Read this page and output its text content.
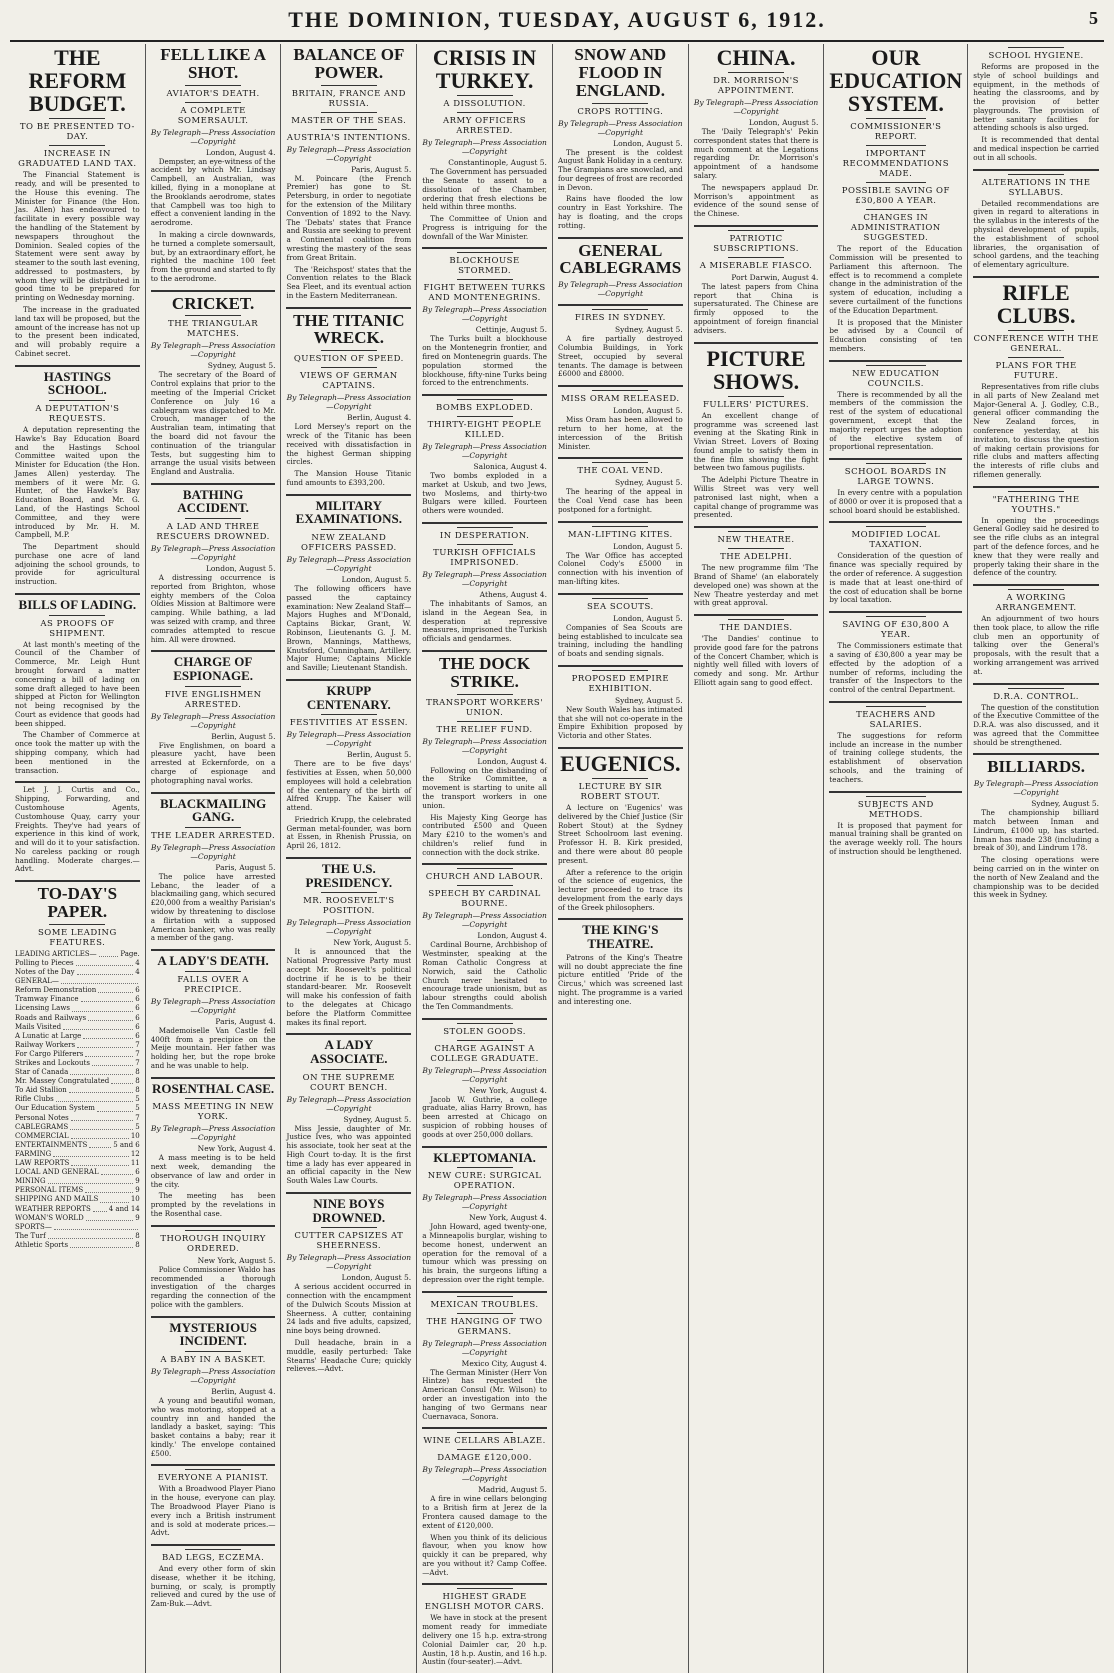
THE DOMINION, TUESDAY, AUGUST 6, 1912.	5
THE REFORM BUDGET.
TO BE PRESENTED TO-DAY.
INCREASE IN GRADUATED LAND TAX.

The Financial Statement is ready, and will be presented to the House this evening. The Minister for Finance (the Hon. Jas. Allen) has endeavoured to facilitate in every possible way the handling of the Statement by newspapers throughout the Dominion. Sealed copies of the Statement were sent away by steamer to the south last evening, addressed to postmasters, by whom they will be distributed in good time to be prepared for printing on Wednesday morning.

The increase in the graduated land tax will be proposed, but the amount of the increase has not up to the present been indicated, and will probably require a Cabinet secret.

HASTINGS SCHOOL.
A DEPUTATION'S REQUESTS.

A deputation representing the Hawke's Bay Education Board and the Hastings School Committee waited upon the Minister for Education (the Hon. James Allen) yesterday. The members of it were Mr. G. Hunter, of the Hawke's Bay Education Board, and Mr. G. Land, of the Hastings School Committee, and they were introduced by Mr. H. M. Campbell, M.P.

The Department should purchase one acre of land adjoining the school grounds, to provide for agricultural instruction.

BILLS OF LADING.
AS PROOFS OF SHIPMENT.

At last month's meeting of the Council of the Chamber of Commerce, Mr. Leigh Hunt brought forward a matter concerning a bill of lading on some draft alleged to have been shipped at Picton for Wellington not being recognised by the Court as evidence that goods had been shipped.

The Chamber of Commerce at once took the matter up with the shipping company, which had been mentioned in the transaction.

Let J. J. Curtis and Co., Shipping, Forwarding, and Customhouse Agents, Customhouse Quay, carry your Freights. They've had years of experience in this kind of work, and will do it to your satisfaction. No careless packing or rough handling. Moderate charges.—Advt.

TO-DAY'S PAPER.
SOME LEADING FEATURES.
LEADING ARTICLES—	Page.
Polling to Pieces	4
Notes of the Day	4
GENERAL—
Reform Demonstration	6
Tramway Finance	6
Licensing Laws	6
Roads and Railways	6
Mails Visited	6
A Lunatic at Large	6
Railway Workers	7
For Cargo Pilferers	7
Strikes and Lockouts	7
Star of Canada	8
Mr. Massey Congratulated	8
To Aid Stallion	8
Rifle Clubs	5
Our Education System	5
Personal Notes	7
CABLEGRAMS	5
COMMERCIAL	10
ENTERTAINMENTS	5 and 6
FARMING	12
LAW REPORTS	11
LOCAL AND GENERAL	6
MINING	9
PERSONAL ITEMS	9
SHIPPING AND MAILS	10
WEATHER REPORTS	4 and 14
WOMAN'S WORLD	9
SPORTS—
The Turf	8
Athletic Sports	8
FELL LIKE A SHOT.
AVIATOR'S DEATH.
A COMPLETE SOMERSAULT.
By Telegraph—Press Association—Copyright
London, August 4.

Dempster, an eye-witness of the accident by which Mr. Lindsay Campbell, an Australian, was killed, flying in a monoplane at the Brooklands aerodrome, states that Campbell was too high to effect a convenient landing in the aerodrome.

In making a circle downwards, he turned a complete somersault, but, by an extraordinary effort, he righted the machine 100 feet from the ground and started to fly to the aerodrome.

CRICKET.
THE TRIANGULAR MATCHES.
By Telegraph—Press Association—Copyright
Sydney, August 5.

The secretary of the Board of Control explains that prior to the meeting of the Imperial Cricket Conference on July 16 a cablegram was dispatched to Mr. Crouch, manager of the Australian team, intimating that the board did not favour the continuation of the triangular Tests, but suggesting him to arrange the usual visits between England and Australia.

BATHING ACCIDENT.
A LAD AND THREE RESCUERS DROWNED.
By Telegraph—Press Association—Copyright
London, August 5.

A distressing occurrence is reported from Brighton, whose eighty members of the Coloa Oldies Mission at Baltimore were camping. While bathing, a lad was seized with cramp, and three comrades attempted to rescue him. All were drowned.

CHARGE OF ESPIONAGE.
FIVE ENGLISHMEN ARRESTED.
By Telegraph—Press Association—Copyright
Berlin, August 5.

Five Englishmen, on board a pleasure yacht, have been arrested at Eckernforde, on a charge of espionage and photographing naval works.

BLACKMAILING GANG.
THE LEADER ARRESTED.
By Telegraph—Press Association—Copyright
Paris, August 5.

The police have arrested Lebanc, the leader of a blackmailing gang, which secured £20,000 from a wealthy Parisian's widow by threatening to disclose a flirtation with a supposed American banker, who was really a member of the gang.

A LADY'S DEATH.
FALLS OVER A PRECIPICE.
By Telegraph—Press Association—Copyright
Paris, August 4.

Mademoiselle Van Castle fell 400ft from a precipice on the Meije mountain. Her father was holding her, but the rope broke and he was unable to help.

ROSENTHAL CASE.
MASS MEETING IN NEW YORK.
By Telegraph—Press Association—Copyright
New York, August 4.

A mass meeting is to be held next week, demanding the observance of law and order in the city.

The meeting has been prompted by the revelations in the Rosenthal case.

THOROUGH INQUIRY ORDERED.
New York, August 5.

Police Commissioner Waldo has recommended a thorough investigation of the charges regarding the connection of the police with the gamblers.

MYSTERIOUS INCIDENT.
A BABY IN A BASKET.
By Telegraph—Press Association—Copyright
Berlin, August 4.

A young and beautiful woman, who was motoring, stopped at a country inn and handed the landlady a basket, saying: 'This basket contains a baby; rear it kindly.' The envelope contained £500.

EVERYONE A PIANIST.

With a Broadwood Player Piano in the house, everyone can play. The Broadwood Player Piano is every inch a British instrument and is sold at moderate prices.—Advt.

BAD LEGS, ECZEMA.

And every other form of skin disease, whether it be itching, burning, or scaly, is promptly relieved and cured by the use of Zam-Buk.—Advt.

BALANCE OF POWER.
BRITAIN, FRANCE AND RUSSIA.
MASTER OF THE SEAS.
AUSTRIA'S INTENTIONS.
By Telegraph—Press Association—Copyright
Paris, August 5.

M. Poincare (the French Premier) has gone to St. Petersburg, in order to negotiate for the extension of the Military Convention of 1892 to the Navy. The 'Debats' states that France and Russia are seeking to prevent a Continental coalition from wresting the mastery of the seas from Great Britain.

The 'Reichspost' states that the Convention relates to the Black Sea Fleet, and its eventual action in the Eastern Mediterranean.

THE TITANIC WRECK.
QUESTION OF SPEED.
VIEWS OF GERMAN CAPTAINS.
By Telegraph—Press Association—Copyright
Berlin, August 4.

Lord Mersey's report on the wreck of the Titanic has been received with dissatisfaction in the highest German shipping circles.

The Mansion House Titanic fund amounts to £393,200.

MILITARY EXAMINATIONS.
NEW ZEALAND OFFICERS PASSED.
By Telegraph—Press Association—Copyright
London, August 5.

The following officers have passed the captaincy examination: New Zealand Staff—Majors Hughes and M'Donald, Captains Bickar, Grant, W. Robinson, Lieutenants G. J. M. Brown, Mannings, Matthews, Knutsford, Cunningham, Artillery. Major Hume; Captains Mickle and Saville; Lieutenant Standish.

KRUPP CENTENARY.
FESTIVITIES AT ESSEN.
By Telegraph—Press Association—Copyright
Berlin, August 5.

There are to be five days' festivities at Essen, when 50,000 employees will hold a celebration of the centenary of the birth of Alfred Krupp. The Kaiser will attend.

Friedrich Krupp, the celebrated German metal-founder, was born at Essen, in Rhenish Prussia, on April 26, 1812.

THE U.S. PRESIDENCY.
MR. ROOSEVELT'S POSITION.
By Telegraph—Press Association—Copyright
New York, August 5.

It is announced that the National Progressive Party must accept Mr. Roosevelt's political doctrine if he is to be their standard-bearer. Mr. Roosevelt will make his confession of faith to the delegates at Chicago before the Platform Committee makes its final report.

A LADY ASSOCIATE.
ON THE SUPREME COURT BENCH.
By Telegraph—Press Association—Copyright
Sydney, August 5.

Miss Jessie, daughter of Mr. Justice Ives, who was appointed his associate, took her seat at the High Court to-day. It is the first time a lady has ever appeared in an official capacity in the New South Wales Law Courts.

NINE BOYS DROWNED.
CUTTER CAPSIZES AT SHEERNESS.
By Telegraph—Press Association—Copyright
London, August 5.

A serious accident occurred in connection with the encampment of the Dulwich Scouts Mission at Sheerness. A cutter, containing 24 lads and five adults, capsized, nine boys being drowned.

Dull headache, brain in a muddle, easily perturbed: Take Stearns' Headache Cure; quickly relieves.—Advt.

CRISIS IN TURKEY.
A DISSOLUTION.
ARMY OFFICERS ARRESTED.
By Telegraph—Press Association—Copyright
Constantinople, August 5.

The Government has persuaded the Senate to assent to a dissolution of the Chamber, ordering that fresh elections be held within three months.

The Committee of Union and Progress is intriguing for the downfall of the War Minister.

BLOCKHOUSE STORMED.
FIGHT BETWEEN TURKS AND MONTENEGRINS.
By Telegraph—Press Association—Copyright
Cettinje, August 5.

The Turks built a blockhouse on the Montenegrin frontier, and fired on Montenegrin guards. The population stormed the blockhouse, fifty-nine Turks being forced to the entrenchments.

BOMBS EXPLODED.
THIRTY-EIGHT PEOPLE KILLED.
By Telegraph—Press Association—Copyright
Salonica, August 4.

Two bombs exploded in a market at Uskub, and two Jews, two Moslems, and thirty-two Bulgars were killed. Fourteen others were wounded.

IN DESPERATION.
TURKISH OFFICIALS IMPRISONED.
By Telegraph—Press Association—Copyright
Athens, August 4.

The inhabitants of Samos, an island in the Aegean Sea, in desperation at repressive measures, imprisoned the Turkish officials and gendarmes.

THE DOCK STRIKE.
TRANSPORT WORKERS' UNION.
THE RELIEF FUND.
By Telegraph—Press Association—Copyright
London, August 4.

Following on the disbanding of the Strike Committee, a movement is starting to unite all the transport workers in one union.

His Majesty King George has contributed £500 and Queen Mary £210 to the women's and children's relief fund in connection with the dock strike.

CHURCH AND LABOUR.
SPEECH BY CARDINAL BOURNE.
By Telegraph—Press Association—Copyright
London, August 4.

Cardinal Bourne, Archbishop of Westminster, speaking at the Roman Catholic Congress at Norwich, said the Catholic Church never hesitated to encourage trade unionism, but as labour strengths could abolish the Ten Commandments.

STOLEN GOODS.
CHARGE AGAINST A COLLEGE GRADUATE.
By Telegraph—Press Association—Copyright
New York, August 4.

Jacob W. Guthrie, a college graduate, alias Harry Brown, has been arrested at Chicago on suspicion of robbing houses of goods at over 250,000 dollars.

KLEPTOMANIA.
NEW CURE: SURGICAL OPERATION.
By Telegraph—Press Association—Copyright
New York, August 4.

John Howard, aged twenty-one, a Minneapolis burglar, wishing to become honest, underwent an operation for the removal of a tumour which was pressing on his brain, the surgeons lifting a depression over the right temple.

MEXICAN TROUBLES.
THE HANGING OF TWO GERMANS.
By Telegraph—Press Association—Copyright
Mexico City, August 4.

The German Minister (Herr Von Hintze) has requested the American Consul (Mr. Wilson) to order an investigation into the hanging of two Germans near Cuernavaca, Sonora.

WINE CELLARS ABLAZE.
DAMAGE £120,000.
By Telegraph—Press Association—Copyright
Madrid, August 5.

A fire in wine cellars belonging to a British firm at Jerez de la Frontera caused damage to the extent of £120,000.

When you think of its delicious flavour, when you know how quickly it can be prepared, why are you without it? Camp Coffee.—Advt.

HIGHEST GRADE ENGLISH MOTOR CARS.

We have in stock at the present moment ready for immediate delivery one 15 h.p. extra-strong Colonial Daimler car, 20 h.p. Austin, 18 h.p. Austin, and 16 h.p. Austin (four-seater).—Advt.

SNOW AND FLOOD IN ENGLAND.
CROPS ROTTING.
By Telegraph—Press Association—Copyright
London, August 5.

The present is the coldest August Bank Holiday in a century. The Grampians are snowclad, and four degrees of frost are recorded in Devon.

Rains have flooded the low country in East Yorkshire. The hay is floating, and the crops rotting.

GENERAL CABLEGRAMS
By Telegraph—Press Association—Copyright
FIRES IN SYDNEY.
Sydney, August 5.

A fire partially destroyed Columbia Buildings, in York Street, occupied by several tenants. The damage is between £6000 and £8000.

MISS ORAM RELEASED.
London, August 5.

Miss Oram has been allowed to return to her home, at the intercession of the British Minister.

THE COAL VEND.
Sydney, August 5.

The hearing of the appeal in the Coal Vend case has been postponed for a fortnight.

MAN-LIFTING KITES.
London, August 5.

The War Office has accepted Colonel Cody's £5000 in connection with his invention of man-lifting kites.

SEA SCOUTS.
London, August 5.

Companies of Sea Scouts are being established to inculcate sea training, including the handling of boats and sending signals.

PROPOSED EMPIRE EXHIBITION.
Sydney, August 5.

New South Wales has intimated that she will not co-operate in the Empire Exhibition proposed by Victoria and other States.

EUGENICS.
LECTURE BY SIR ROBERT STOUT.

A lecture on 'Eugenics' was delivered by the Chief Justice (Sir Robert Stout) at the Sydney Street Schoolroom last evening. Professor H. B. Kirk presided, and there were about 80 people present.

After a reference to the origin of the science of eugenics, the lecturer proceeded to trace its development from the early days of the Greek philosophers.

THE KING'S THEATRE.

Patrons of the King's Theatre will no doubt appreciate the fine picture entitled 'Pride of the Circus,' which was screened last night. The programme is a varied and interesting one.

CHINA.
DR. MORRISON'S APPOINTMENT.
By Telegraph—Press Association—Copyright
London, August 5.

The 'Daily Telegraph's' Pekin correspondent states that there is much comment at the Legations regarding Dr. Morrison's appointment of a handsome salary.

The newspapers applaud Dr. Morrison's appointment as evidence of the sound sense of the Chinese.

PATRIOTIC SUBSCRIPTIONS.
A MISERABLE FIASCO.
Port Darwin, August 4.

The latest papers from China report that China is supersaturated. The Chinese are firmly opposed to the appointment of foreign financial advisers.

PICTURE SHOWS.
FULLERS' PICTURES.

An excellent change of programme was screened last evening at the Skating Rink in Vivian Street. Lovers of Boxing found ample to satisfy them in the fine film showing the fight between two famous pugilists.

The Adelphi Picture Theatre in Willis Street was very well patronised last night, when a capital change of programme was presented.

NEW THEATRE.
THE ADELPHI.

The new programme film 'The Brand of Shame' (an elaborately developed one) was shown at the New Theatre yesterday and met with great approval.

THE DANDIES.

'The Dandies' continue to provide good fare for the patrons of the Concert Chamber, which is nightly well filled with lovers of comedy and song. Mr. Arthur Elliott again sang to good effect.

OUR EDUCATION SYSTEM.
COMMISSIONER'S REPORT.
IMPORTANT RECOMMENDATIONS MADE.
POSSIBLE SAVING OF £30,800 A YEAR.
CHANGES IN ADMINISTRATION SUGGESTED.

The report of the Education Commission will be presented to Parliament this afternoon. The effect is to recommend a complete change in the administration of the system of education, including a severe curtailment of the functions of the Education Department.

It is proposed that the Minister be advised by a Council of Education consisting of ten members.

NEW EDUCATION COUNCILS.

There is recommended by all the members of the commission the rest of the system of educational government, except that the majority report urges the adoption of the elective system of proportional representation.

SCHOOL BOARDS IN LARGE TOWNS.

In every centre with a population of 8000 or over it is proposed that a school board should be established.

MODIFIED LOCAL TAXATION.

Consideration of the question of finance was specially required by the order of reference. A suggestion is made that at least one-third of the cost of education shall be borne by local taxation.

SAVING OF £30,800 A YEAR.

The Commissioners estimate that a saving of £30,800 a year may be effected by the adoption of a number of reforms, including the transfer of the Inspectors to the control of the central Department.

TEACHERS AND SALARIES.

The suggestions for reform include an increase in the number of training college students, the establishment of observation schools, and the training of teachers.

SUBJECTS AND METHODS.

It is proposed that payment for manual training shall be granted on the average weekly roll. The hours of instruction should be lengthened.

SCHOOL HYGIENE.

Reforms are proposed in the style of school buildings and equipment, in the methods of heating the classrooms, and by the provision of better playgrounds. The provision of better sanitary facilities for attending schools is also urged.

It is recommended that dental and medical inspection be carried out in all schools.

ALTERATIONS IN THE SYLLABUS.

Detailed recommendations are given in regard to alterations in the syllabus in the interests of the physical development of pupils, the establishment of school libraries, the organisation of school gardens, and the teaching of elementary agriculture.

RIFLE CLUBS.
CONFERENCE WITH THE GENERAL.
PLANS FOR THE FUTURE.

Representatives from rifle clubs in all parts of New Zealand met Major-General A. J. Godley, C.B., general officer commanding the New Zealand forces, in conference yesterday, at his invitation, to discuss the question of making certain provisions for rifle clubs and matters affecting the interests of rifle clubs and riflemen generally.

"FATHERING THE YOUTHS."

In opening the proceedings General Godley said he desired to see the rifle clubs as an integral part of the defence forces, and he knew that they were really and properly taking their share in the defence of the country.

A WORKING ARRANGEMENT.

An adjournment of two hours then took place, to allow the rifle club men an opportunity of talking over the General's proposals, with the result that a working arrangement was arrived at.

D.R.A. CONTROL.

The question of the constitution of the Executive Committee of the D.R.A. was also discussed, and it was agreed that the Committee should be strengthened.

BILLIARDS.
By Telegraph—Press Association—Copyright
Sydney, August 5.

The championship billiard match between Inman and Lindrum, £1000 up, has started. Inman has made 238 (including a break of 30), and Lindrum 178.

The closing operations were being carried on in the winter on the north of New Zealand and the championship was to be decided this week in Sydney.
